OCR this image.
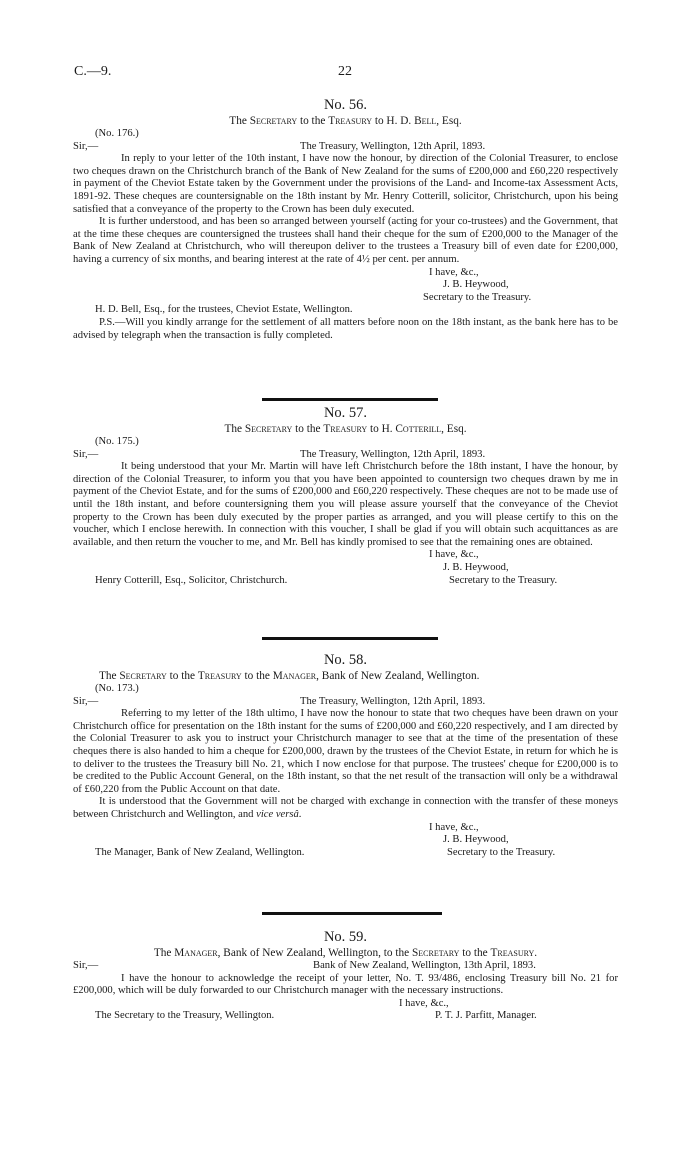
C.—9.	22
No. 56.
The Secretary to the Treasury to H. D. Bell, Esq.
(No. 176.)
Sir,—	The Treasury, Wellington, 12th April, 1893.

In reply to your letter of the 10th instant, I have now the honour, by direction of the Colonial Treasurer, to enclose two cheques drawn on the Christchurch branch of the Bank of New Zealand for the sums of £200,000 and £60,220 respectively in payment of the Cheviot Estate taken by the Government under the provisions of the Land- and Income-tax Assessment Acts, 1891-92. These cheques are countersignable on the 18th instant by Mr. Henry Cotterill, solicitor, Christchurch, upon his being satisfied that a conveyance of the property to the Crown has been duly executed.

It is further understood, and has been so arranged between yourself (acting for your co-trustees) and the Government, that at the time these cheques are countersigned the trustees shall hand their cheque for the sum of £200,000 to the Manager of the Bank of New Zealand at Christchurch, who will thereupon deliver to the trustees a Treasury bill of even date for £200,000, having a currency of six months, and bearing interest at the rate of 4½ per cent. per annum.

I have, &c.,
J. B. Heywood,
Secretary to the Treasury.
H. D. Bell, Esq., for the trustees, Cheviot Estate, Wellington.

P.S.—Will you kindly arrange for the settlement of all matters before noon on the 18th instant, as the bank here has to be advised by telegraph when the transaction is fully completed.

No. 57.
The Secretary to the Treasury to H. Cotterill, Esq.
(No. 175.)
Sir,—	The Treasury, Wellington, 12th April, 1893.

It being understood that your Mr. Martin will have left Christchurch before the 18th instant, I have the honour, by direction of the Colonial Treasurer, to inform you that you have been appointed to countersign two cheques drawn by me in payment of the Cheviot Estate, and for the sums of £200,000 and £60,220 respectively. These cheques are not to be made use of until the 18th instant, and before countersigning them you will please assure yourself that the conveyance of the Cheviot property to the Crown has been duly executed by the proper parties as arranged, and you will please certify to this on the voucher, which I enclose herewith. In connection with this voucher, I shall be glad if you will obtain such acquittances as are available, and then return the voucher to me, and Mr. Bell has kindly promised to see that the remaining ones are obtained.

I have, &c.,
J. B. Heywood,
Henry Cotterill, Esq., Solicitor, Christchurch.	Secretary to the Treasury.
No. 58.
The Secretary to the Treasury to the Manager, Bank of New Zealand, Wellington.
(No. 173.)
Sir,—	The Treasury, Wellington, 12th April, 1893.

Referring to my letter of the 18th ultimo, I have now the honour to state that two cheques have been drawn on your Christchurch office for presentation on the 18th instant for the sums of £200,000 and £60,220 respectively, and I am directed by the Colonial Treasurer to ask you to instruct your Christchurch manager to see that at the time of the presentation of these cheques there is also handed to him a cheque for £200,000, drawn by the trustees of the Cheviot Estate, in return for which he is to deliver to the trustees the Treasury bill No. 21, which I now enclose for that purpose. The trustees' cheque for £200,000 is to be credited to the Public Account General, on the 18th instant, so that the net result of the transaction will only be a withdrawal of £60,220 from the Public Account on that date.

It is understood that the Government will not be charged with exchange in connection with the transfer of these moneys between Christchurch and Wellington, and vice versâ.

I have, &c.,
J. B. Heywood,
The Manager, Bank of New Zealand, Wellington.	Secretary to the Treasury.
No. 59.
The Manager, Bank of New Zealand, Wellington, to the Secretary to the Treasury.
Sir,—	Bank of New Zealand, Wellington, 13th April, 1893.

I have the honour to acknowledge the receipt of your letter, No. T. 93/486, enclosing Treasury bill No. 21 for £200,000, which will be duly forwarded to our Christchurch manager with the necessary instructions.

I have, &c.,
The Secretary to the Treasury, Wellington.	P. T. J. Parfitt, Manager.
